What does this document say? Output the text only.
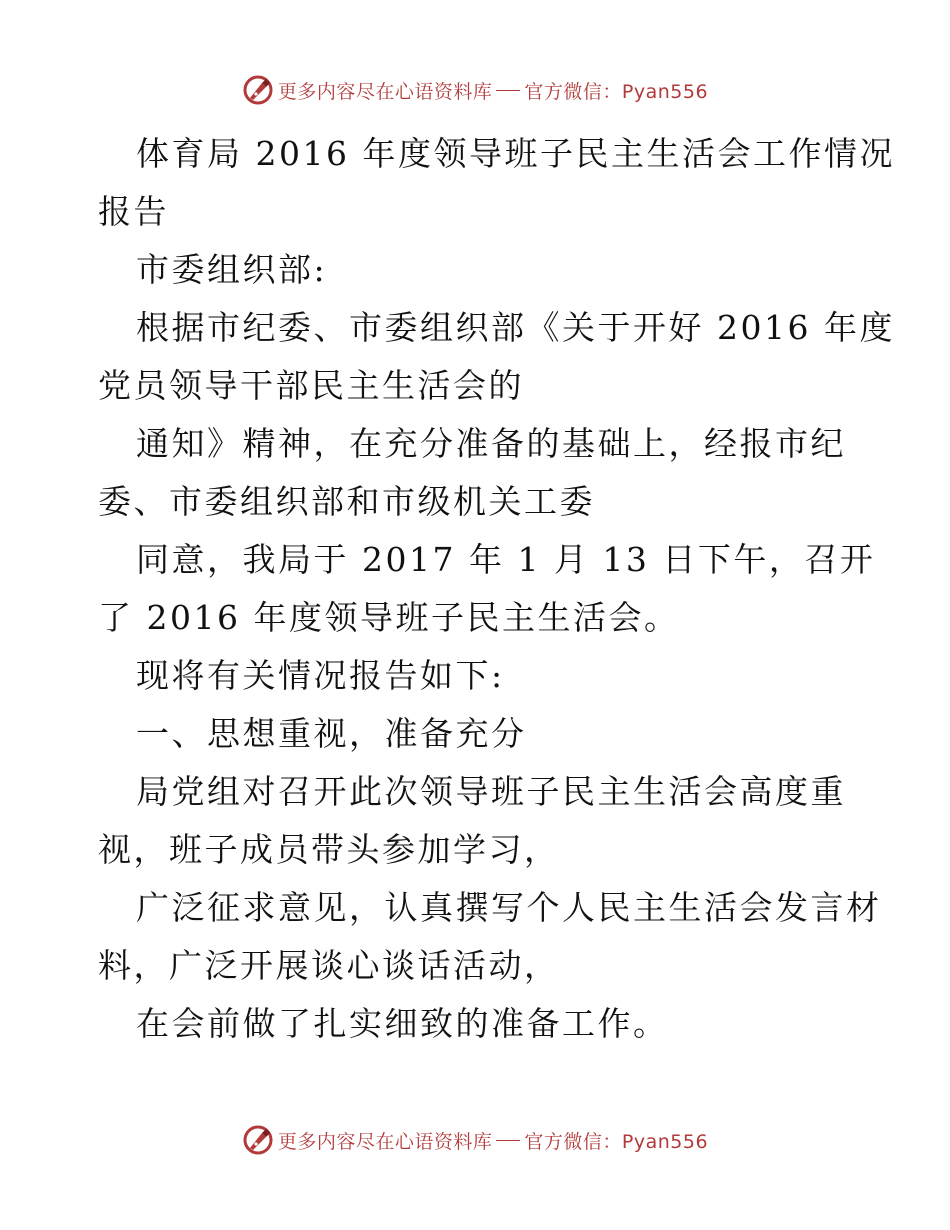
更多内容尽在心语资料库 官方微信：Pyan556
体育局 2016 年度领导班子民主生活会工作情况
报告
市委组织部:
根据市纪委、市委组织部《关于开好 2016 年度
党员领导干部民主生活会的
通知》精神，在充分准备的基础上，经报市纪
委、市委组织部和市级机关工委
同意，我局于 2017 年 1 月 13 日下午，召开
了 2016 年度领导班子民主生活会。
现将有关情况报告如下:
一、思想重视，准备充分
局党组对召开此次领导班子民主生活会高度重
视，班子成员带头参加学习，
广泛征求意见，认真撰写个人民主生活会发言材
料，广泛开展谈心谈话活动，
在会前做了扎实细致的准备工作。
更多内容尽在心语资料库 官方微信：Pyan556
